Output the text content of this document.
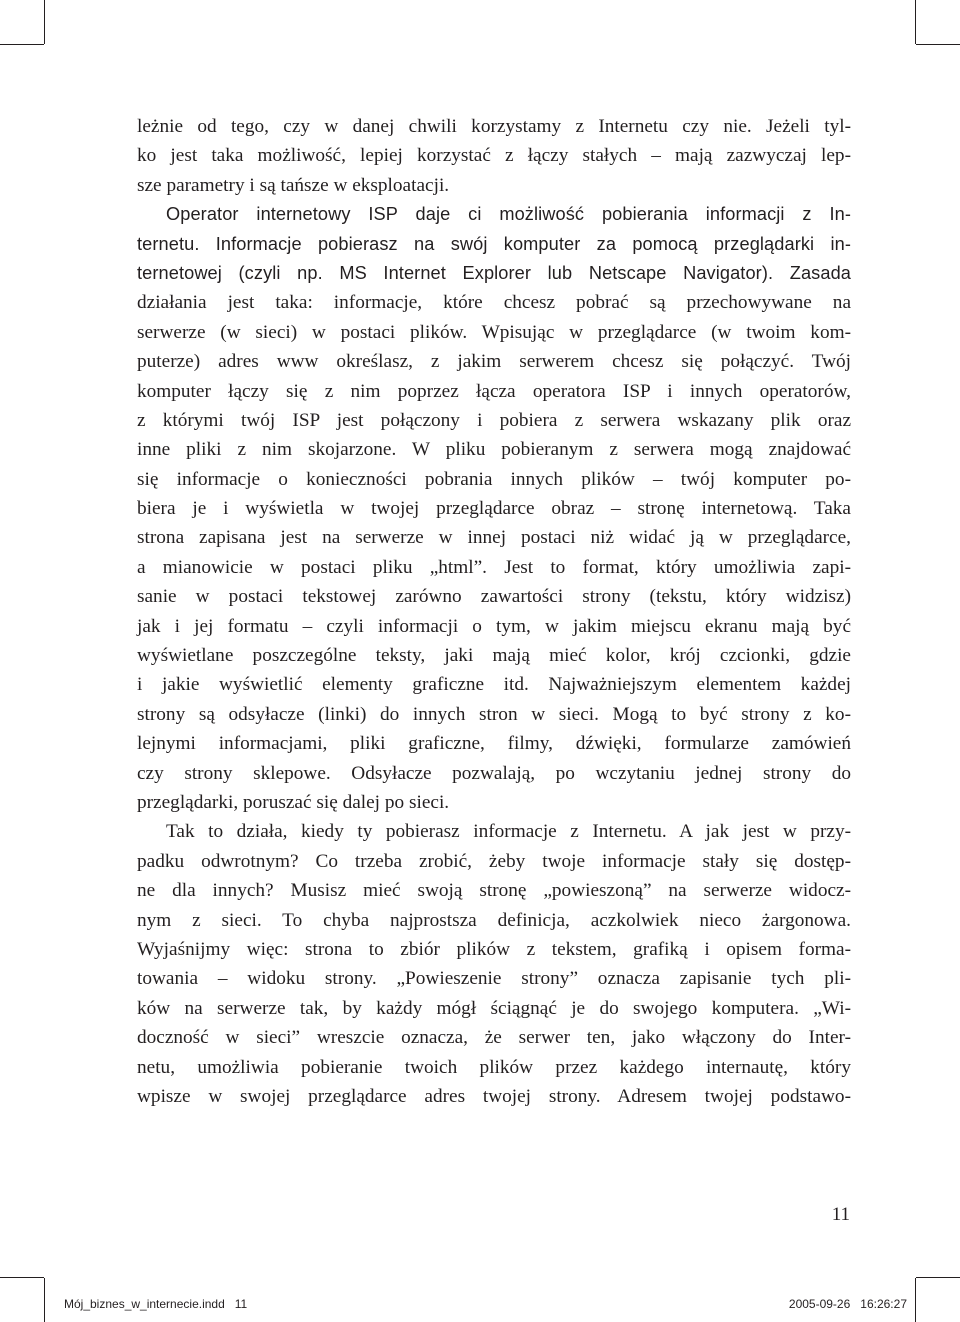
leżnie od tego, czy w danej chwili korzystamy z Internetu czy nie. Jeżeli tyl-
ko jest taka możliwość, lepiej korzystać z łączy stałych – mają zazwyczaj lep-
sze parametry i są tańsze w eksploatacji.
Operator internetowy ISP daje ci możliwość pobierania informacji z In-
ternetu. Informacje pobierasz na swój komputer za pomocą przeglądarki in-
ternetowej (czyli np. MS Internet Explorer lub Netscape Navigator). Zasada
działania jest taka: informacje, które chcesz pobrać są przechowywane na
serwerze (w sieci) w postaci plików. Wpisując w przeglądarce (w twoim kom-
puterze) adres www określasz, z jakim serwerem chcesz się połączyć. Twój
komputer łączy się z nim poprzez łącza operatora ISP i innych operatorów,
z którymi twój ISP jest połączony i pobiera z serwera wskazany plik oraz
inne pliki z nim skojarzone. W pliku pobieranym z serwera mogą znajdować
się informacje o konieczności pobrania innych plików – twój komputer po-
biera je i wyświetla w twojej przeglądarce obraz – stronę internetową. Taka
strona zapisana jest na serwerze w innej postaci niż widać ją w przeglądarce,
a mianowicie w postaci pliku „html”. Jest to format, który umożliwia zapi-
sanie w postaci tekstowej zarówno zawartości strony (tekstu, który widzisz)
jak i jej formatu – czyli informacji o tym, w jakim miejscu ekranu mają być
wyświetlane poszczególne teksty, jaki mają mieć kolor, krój czcionki, gdzie
i jakie wyświetlić elementy graficzne itd. Najważniejszym elementem każdej
strony są odsyłacze (linki) do innych stron w sieci. Mogą to być strony z ko-
lejnymi informacjami, pliki graficzne, filmy, dźwięki, formularze zamówień
czy strony sklepowe. Odsyłacze pozwalają, po wczytaniu jednej strony do
przeglądarki, poruszać się dalej po sieci.
Tak to działa, kiedy ty pobierasz informacje z Internetu. A jak jest w przy-
padku odwrotnym? Co trzeba zrobić, żeby twoje informacje stały się dostęp-
ne dla innych? Musisz mieć swoją stronę „powieszoną” na serwerze widocz-
nym z sieci. To chyba najprostsza definicja, aczkolwiek nieco żargonowa.
Wyjaśnijmy więc: strona to zbiór plików z tekstem, grafiką i opisem forma-
towania – widoku strony. „Powieszenie strony” oznacza zapisanie tych pli-
ków na serwerze tak, by każdy mógł ściągnąć je do swojego komputera. „Wi-
doczność w sieci” wreszcie oznacza, że serwer ten, jako włączony do Inter-
netu, umożliwia pobieranie twoich plików przez każdego internautę, który
wpisze w swojej przeglądarce adres twojej strony. Adresem twojej podstawo-
11
Mój_biznes_w_internecie.indd   11	2005-09-26   16:26:27
